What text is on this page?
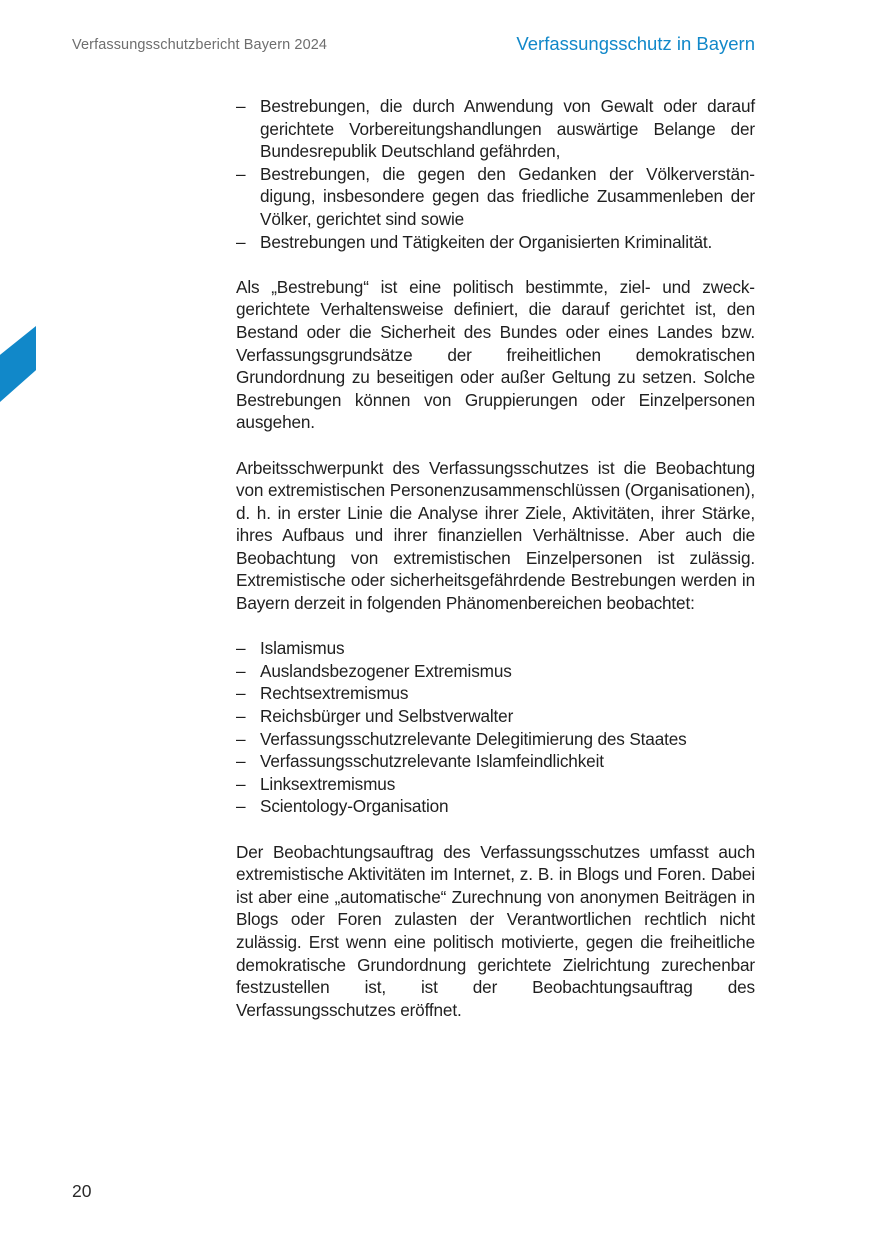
Verfassungsschutzbericht Bayern 2024	Verfassungsschutz in Bayern
– Bestrebungen, die durch Anwendung von Gewalt oder darauf gerichtete Vorbereitungshandlungen auswärtige Belange der Bundesrepublik Deutschland gefährden,
– Bestrebungen, die gegen den Gedanken der Völkerverständigung, insbesondere gegen das friedliche Zusammenleben der Völker, gerichtet sind sowie
– Bestrebungen und Tätigkeiten der Organisierten Kriminalität.

Als „Bestrebung“ ist eine politisch bestimmte, ziel- und zweckgerichtete Verhaltensweise definiert, die darauf gerichtet ist, den Bestand oder die Sicherheit des Bundes oder eines Landes bzw. Verfassungsgrundsätze der freiheitlichen demokratischen Grundordnung zu beseitigen oder außer Geltung zu setzen. Solche Bestrebungen können von Gruppierungen oder Einzelpersonen ausgehen.

Arbeitsschwerpunkt des Verfassungsschutzes ist die Beobachtung von extremistischen Personenzusammenschlüssen (Organisationen), d. h. in erster Linie die Analyse ihrer Ziele, Aktivitäten, ihrer Stärke, ihres Aufbaus und ihrer finanziellen Verhältnisse. Aber auch die Beobachtung von extremistischen Einzelpersonen ist zulässig. Extremistische oder sicherheitsgefährdende Bestrebungen werden in Bayern derzeit in folgenden Phänomenbereichen beobachtet:

– Islamismus
– Auslandsbezogener Extremismus
– Rechtsextremismus
– Reichsbürger und Selbstverwalter
– Verfassungsschutzrelevante Delegitimierung des Staates
– Verfassungsschutzrelevante Islamfeindlichkeit
– Linksextremismus
– Scientology-Organisation

Der Beobachtungsauftrag des Verfassungsschutzes umfasst auch extremistische Aktivitäten im Internet, z. B. in Blogs und Foren. Dabei ist aber eine „automatische“ Zurechnung von anonymen Beiträgen in Blogs oder Foren zulasten der Verantwortlichen rechtlich nicht zulässig. Erst wenn eine politisch motivierte, gegen die freiheitliche demokratische Grundordnung gerichtete Zielrichtung zurechenbar festzustellen ist, ist der Beobachtungsauftrag des Verfassungsschutzes eröffnet.

20
